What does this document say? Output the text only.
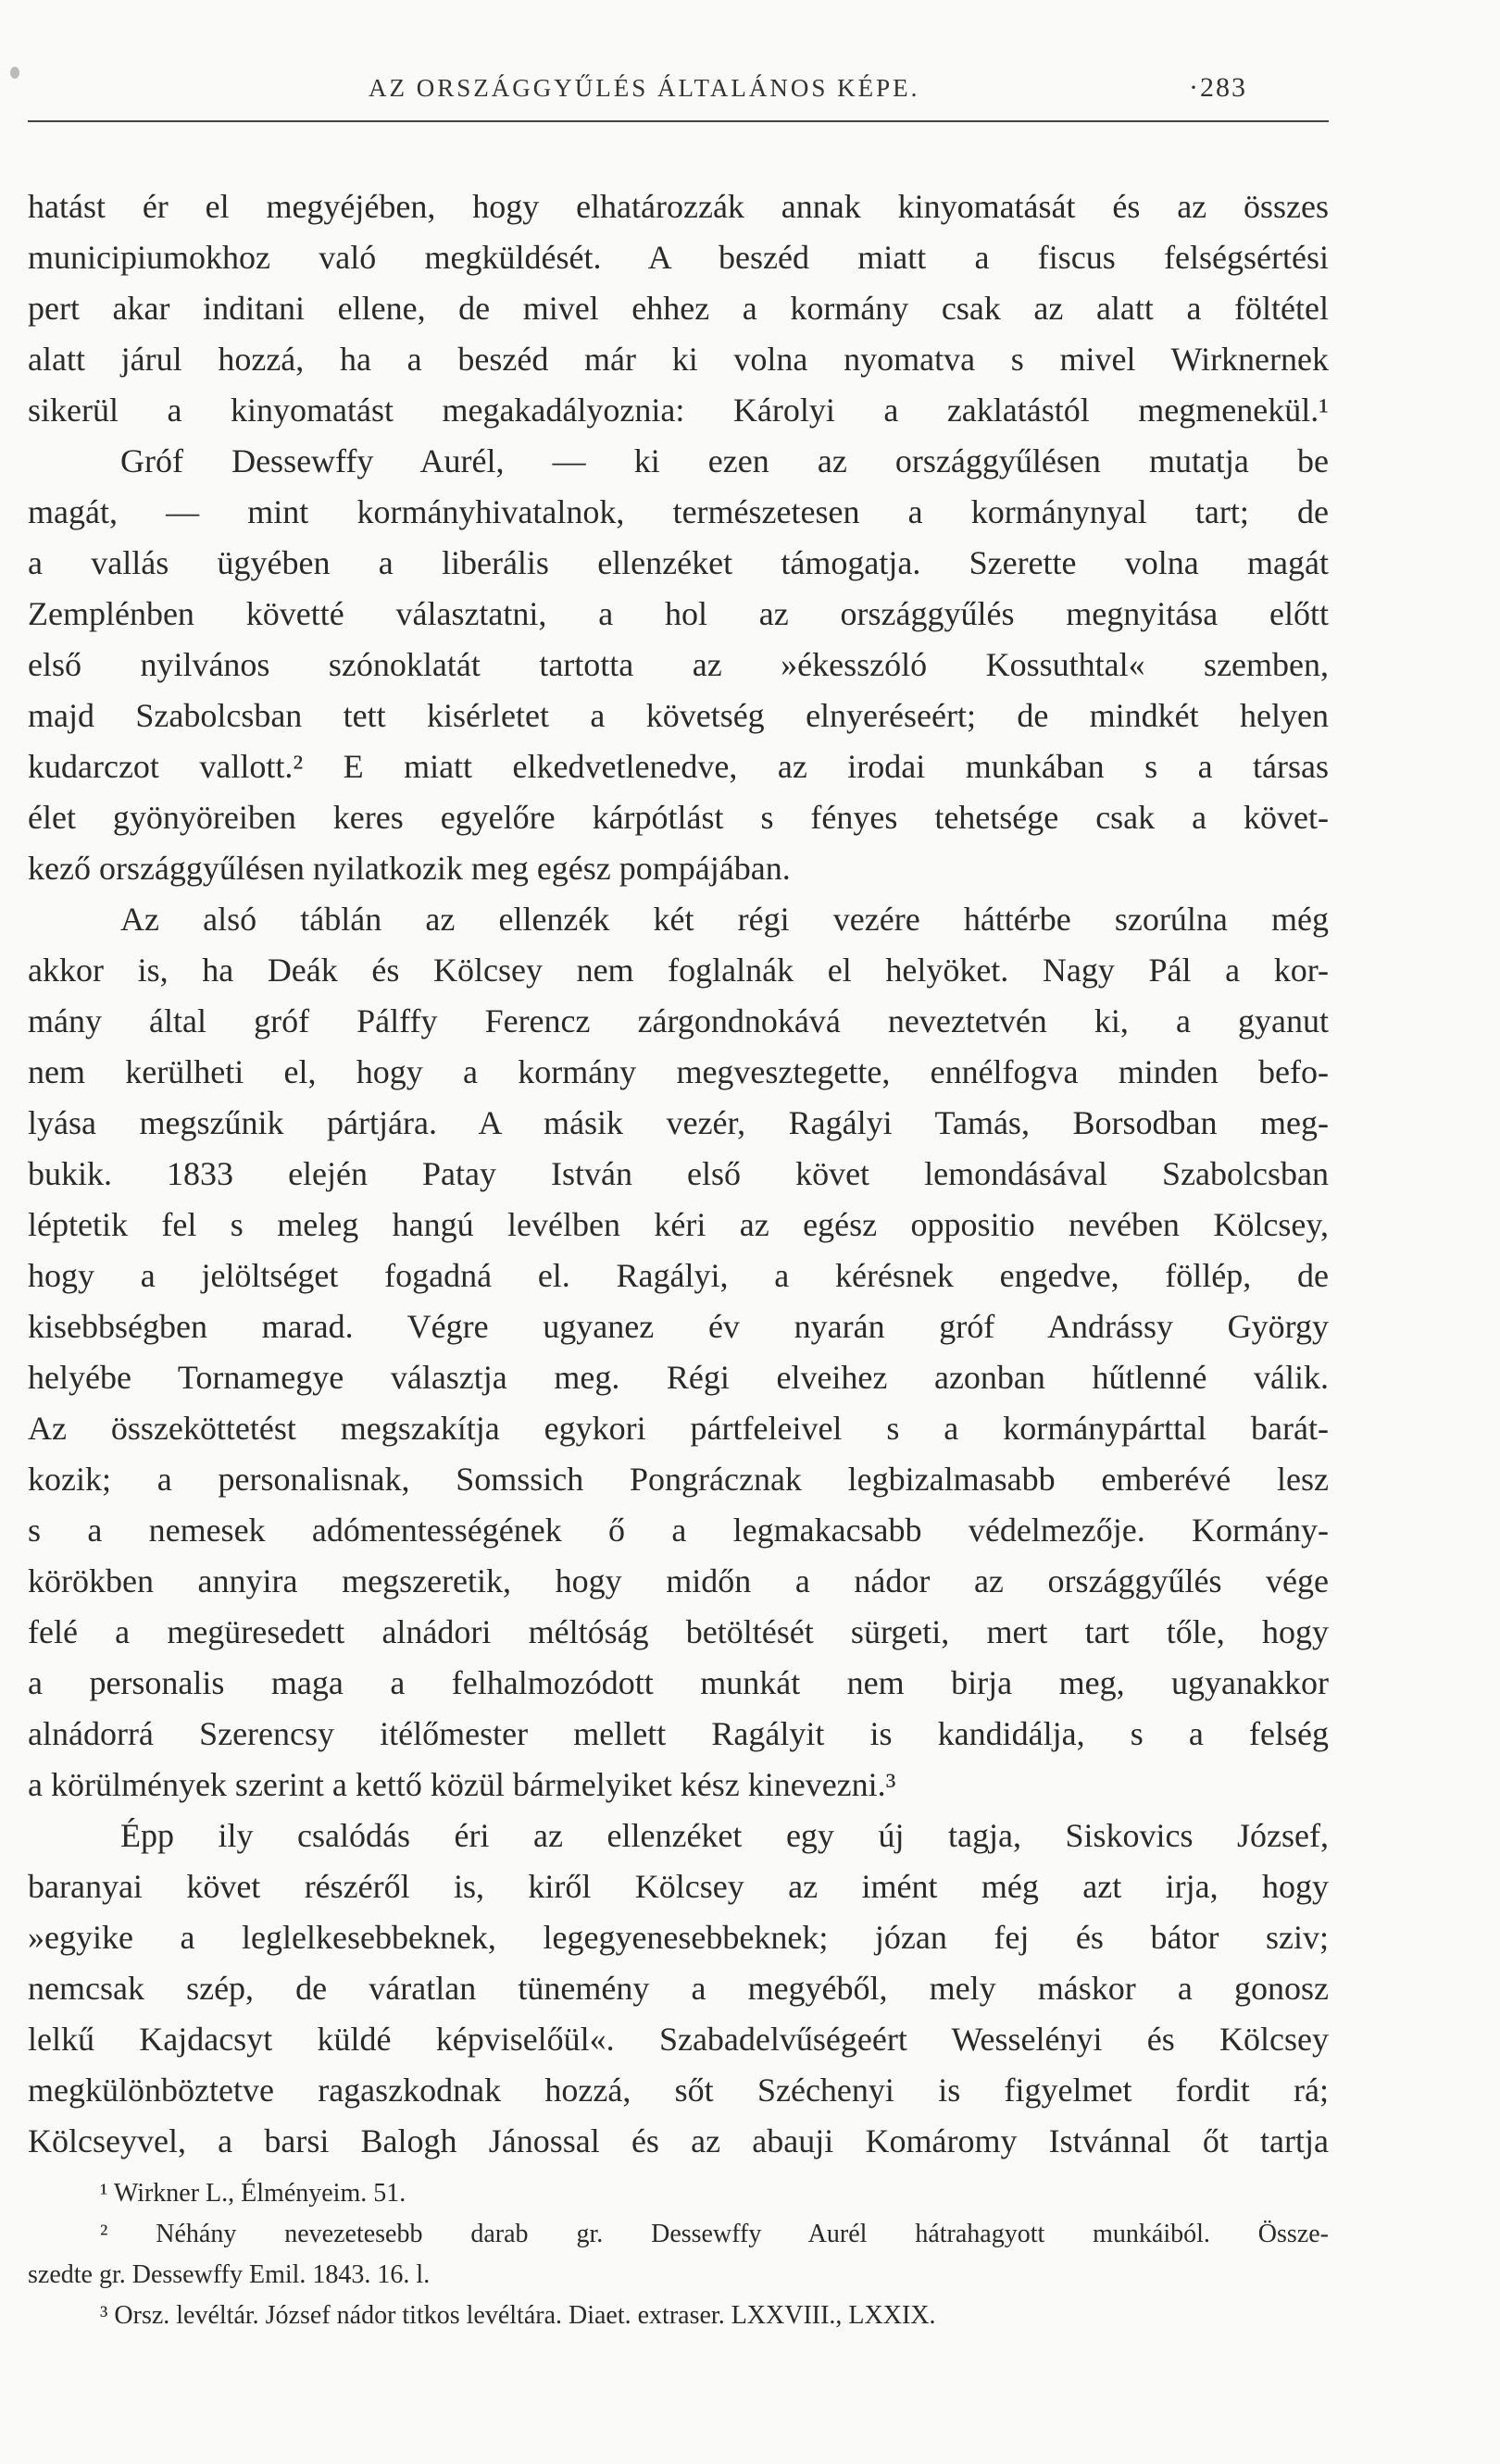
AZ ORSZÁGGYŰLÉS ÁLTALÁNOS KÉPE.	·283
hatást ér el megyéjében, hogy elhatározzák annak kinyomatását és az összes
municipiumokhoz való megküldését. A beszéd miatt a fiscus felségsértési
pert akar inditani ellene, de mivel ehhez a kormány csak az alatt a föltétel
alatt járul hozzá, ha a beszéd már ki volna nyomatva s mivel Wirknernek
sikerül a kinyomatást megakadályoznia: Károlyi a zaklatástól megmenekül.¹
Gróf Dessewffy Aurél, — ki ezen az országgyűlésen mutatja be
magát, — mint kormányhivatalnok, természetesen a kormánynyal tart; de
a vallás ügyében a liberális ellenzéket támogatja. Szerette volna magát
Zemplénben követté választatni, a hol az országgyűlés megnyitása előtt
első nyilvános szónoklatát tartotta az »ékesszóló Kossuthtal« szemben,
majd Szabolcsban tett kisérletet a követség elnyeréseért; de mindkét helyen
kudarczot vallott.² E miatt elkedvetlenedve, az irodai munkában s a társas
élet gyönyöreiben keres egyelőre kárpótlást s fényes tehetsége csak a követ-
kező országgyűlésen nyilatkozik meg egész pompájában.
Az alsó táblán az ellenzék két régi vezére háttérbe szorúlna még
akkor is, ha Deák és Kölcsey nem foglalnák el helyöket. Nagy Pál a kor-
mány által gróf Pálffy Ferencz zárgondnokává neveztetvén ki, a gyanut
nem kerülheti el, hogy a kormány megvesztegette, ennélfogva minden befo-
lyása megszűnik pártjára. A másik vezér, Ragályi Tamás, Borsodban meg-
bukik. 1833 elején Patay István első követ lemondásával Szabolcsban
léptetik fel s meleg hangú levélben kéri az egész oppositio nevében Kölcsey,
hogy a jelöltséget fogadná el. Ragályi, a kérésnek engedve, föllép, de
kisebbségben marad. Végre ugyanez év nyarán gróf Andrássy György
helyébe Tornamegye választja meg. Régi elveihez azonban hűtlenné válik.
Az összeköttetést megszakítja egykori pártfeleivel s a kormánypárttal barát-
kozik; a personalisnak, Somssich Pongrácznak legbizalmasabb emberévé lesz
s a nemesek adómentességének ő a legmakacsabb védelmezője. Kormány-
körökben annyira megszeretik, hogy midőn a nádor az országgyűlés vége
felé a megüresedett alnádori méltóság betöltését sürgeti, mert tart tőle, hogy
a personalis maga a felhalmozódott munkát nem birja meg, ugyanakkor
alnádorrá Szerencsy itélőmester mellett Ragályit is kandidálja, s a felség
a körülmények szerint a kettő közül bármelyiket kész kinevezni.³
Épp ily csalódás éri az ellenzéket egy új tagja, Siskovics József,
baranyai követ részéről is, kiről Kölcsey az imént még azt irja, hogy
»egyike a leglelkesebbeknek, legegyenesebbeknek; józan fej és bátor sziv;
nemcsak szép, de váratlan tünemény a megyéből, mely máskor a gonosz
lelkű Kajdacsyt küldé képviselőül«. Szabadelvűségeért Wesselényi és Kölcsey
megkülönböztetve ragaszkodnak hozzá, sőt Széchenyi is figyelmet fordit rá;
Kölcseyvel, a barsi Balogh Jánossal és az abauji Komáromy Istvánnal őt tartja
¹ Wirkner L., Élményeim. 51.
² Néhány nevezetesebb darab gr. Dessewffy Aurél hátrahagyott munkáiból. Össze-
szedte gr. Dessewffy Emil. 1843. 16. l.
³ Orsz. levéltár. József nádor titkos levéltára. Diaet. extraser. LXXVIII., LXXIX.
